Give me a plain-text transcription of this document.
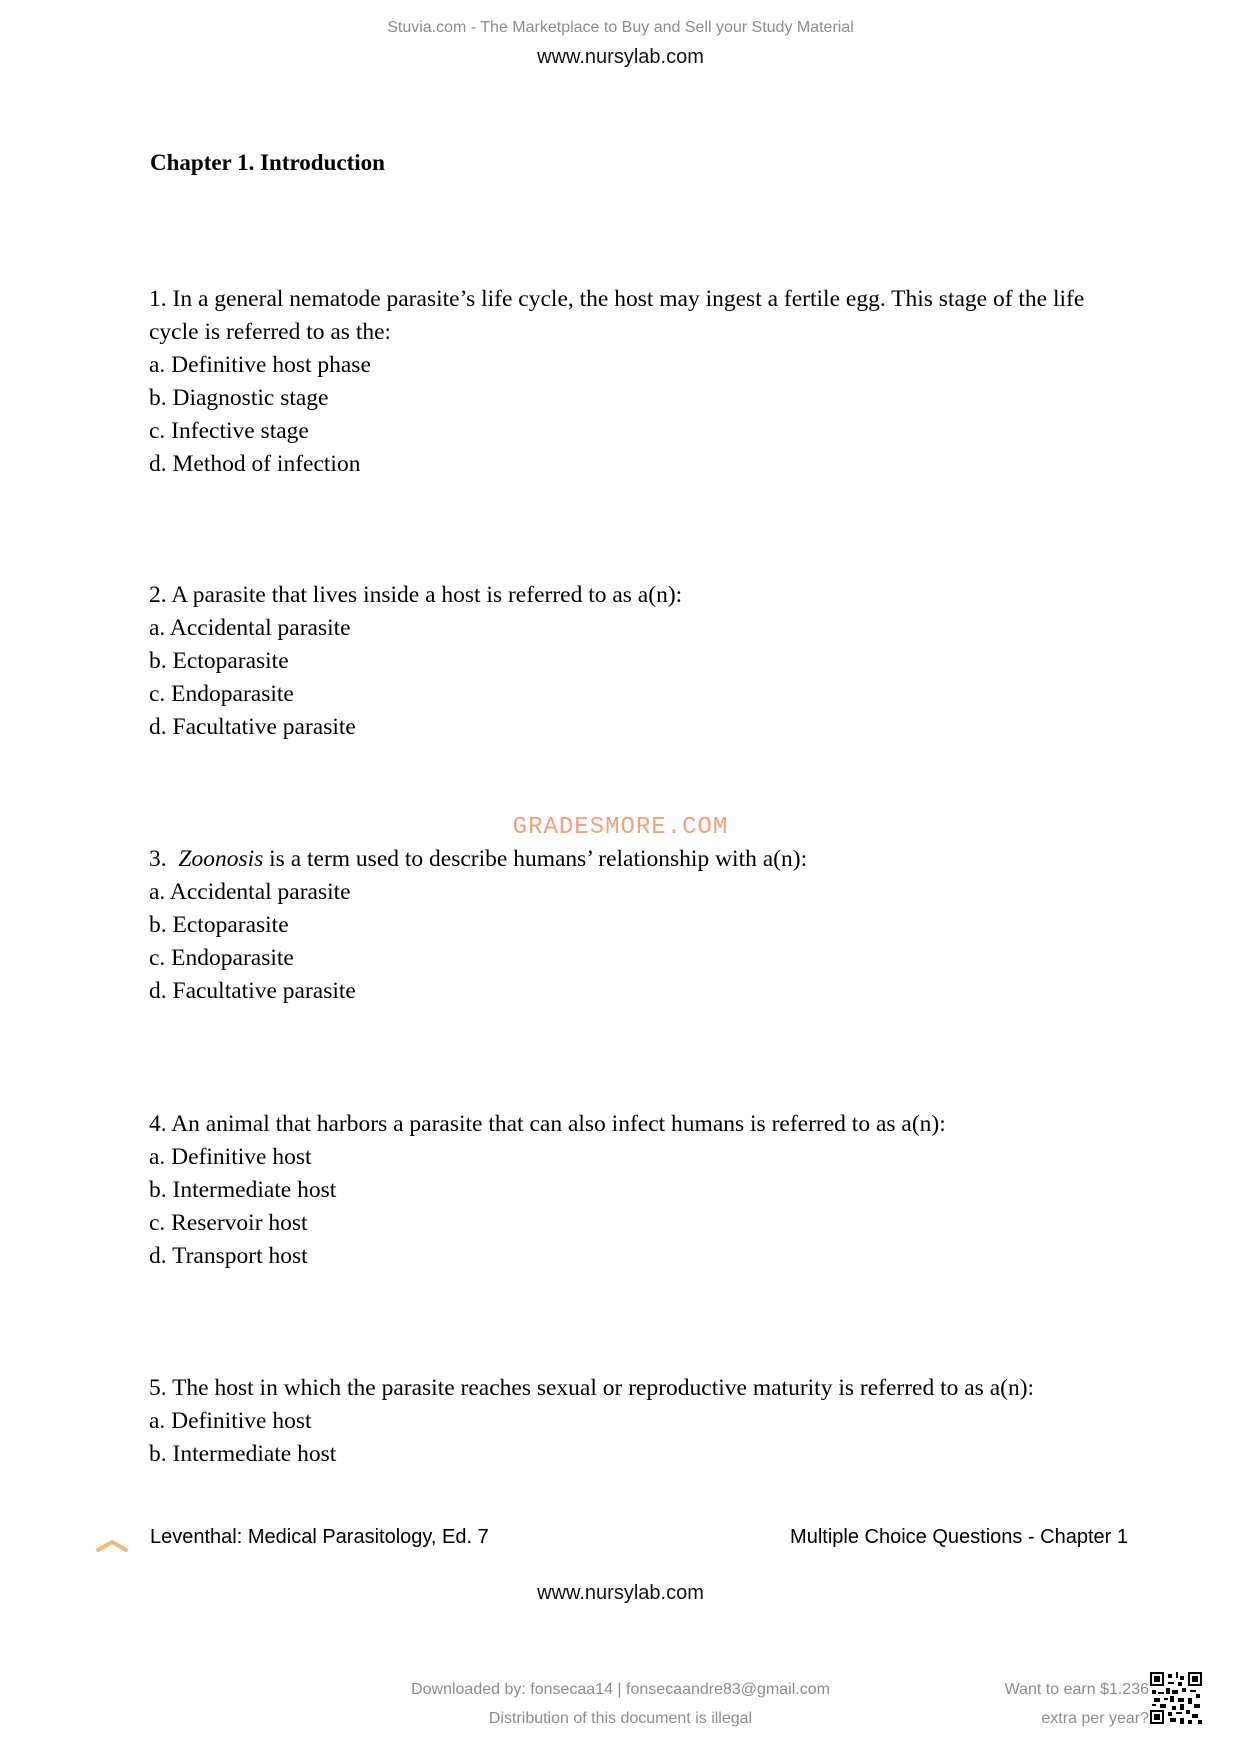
Stuvia.com - The Marketplace to Buy and Sell your Study Material
www.nursylab.com
Chapter 1. Introduction

1. In a general nematode parasite’s life cycle, the host may ingest a fertile egg. This stage of the life cycle is referred to as the:

a. Definitive host phase

b. Diagnostic stage

c. Infective stage

d. Method of infection

2. A parasite that lives inside a host is referred to as a(n):

a. Accidental parasite

b. Ectoparasite

c. Endoparasite

d. Facultative parasite

GRADESMORE.COM

3.  Zoonosis is a term used to describe humans’ relationship with a(n):

a. Accidental parasite

b. Ectoparasite

c. Endoparasite

d. Facultative parasite

4. An animal that harbors a parasite that can also infect humans is referred to as a(n):

a. Definitive host

b. Intermediate host

c. Reservoir host

d. Transport host

5. The host in which the parasite reaches sexual or reproductive maturity is referred to as a(n):

a. Definitive host

b. Intermediate host

Leventhal: Medical Parasitology, Ed. 7	Multiple Choice Questions - Chapter 1
www.nursylab.com
Downloaded by: fonsecaa14 | fonsecaandre83@gmail.com
Distribution of this document is illegal
Want to earn $1.236
extra per year?
